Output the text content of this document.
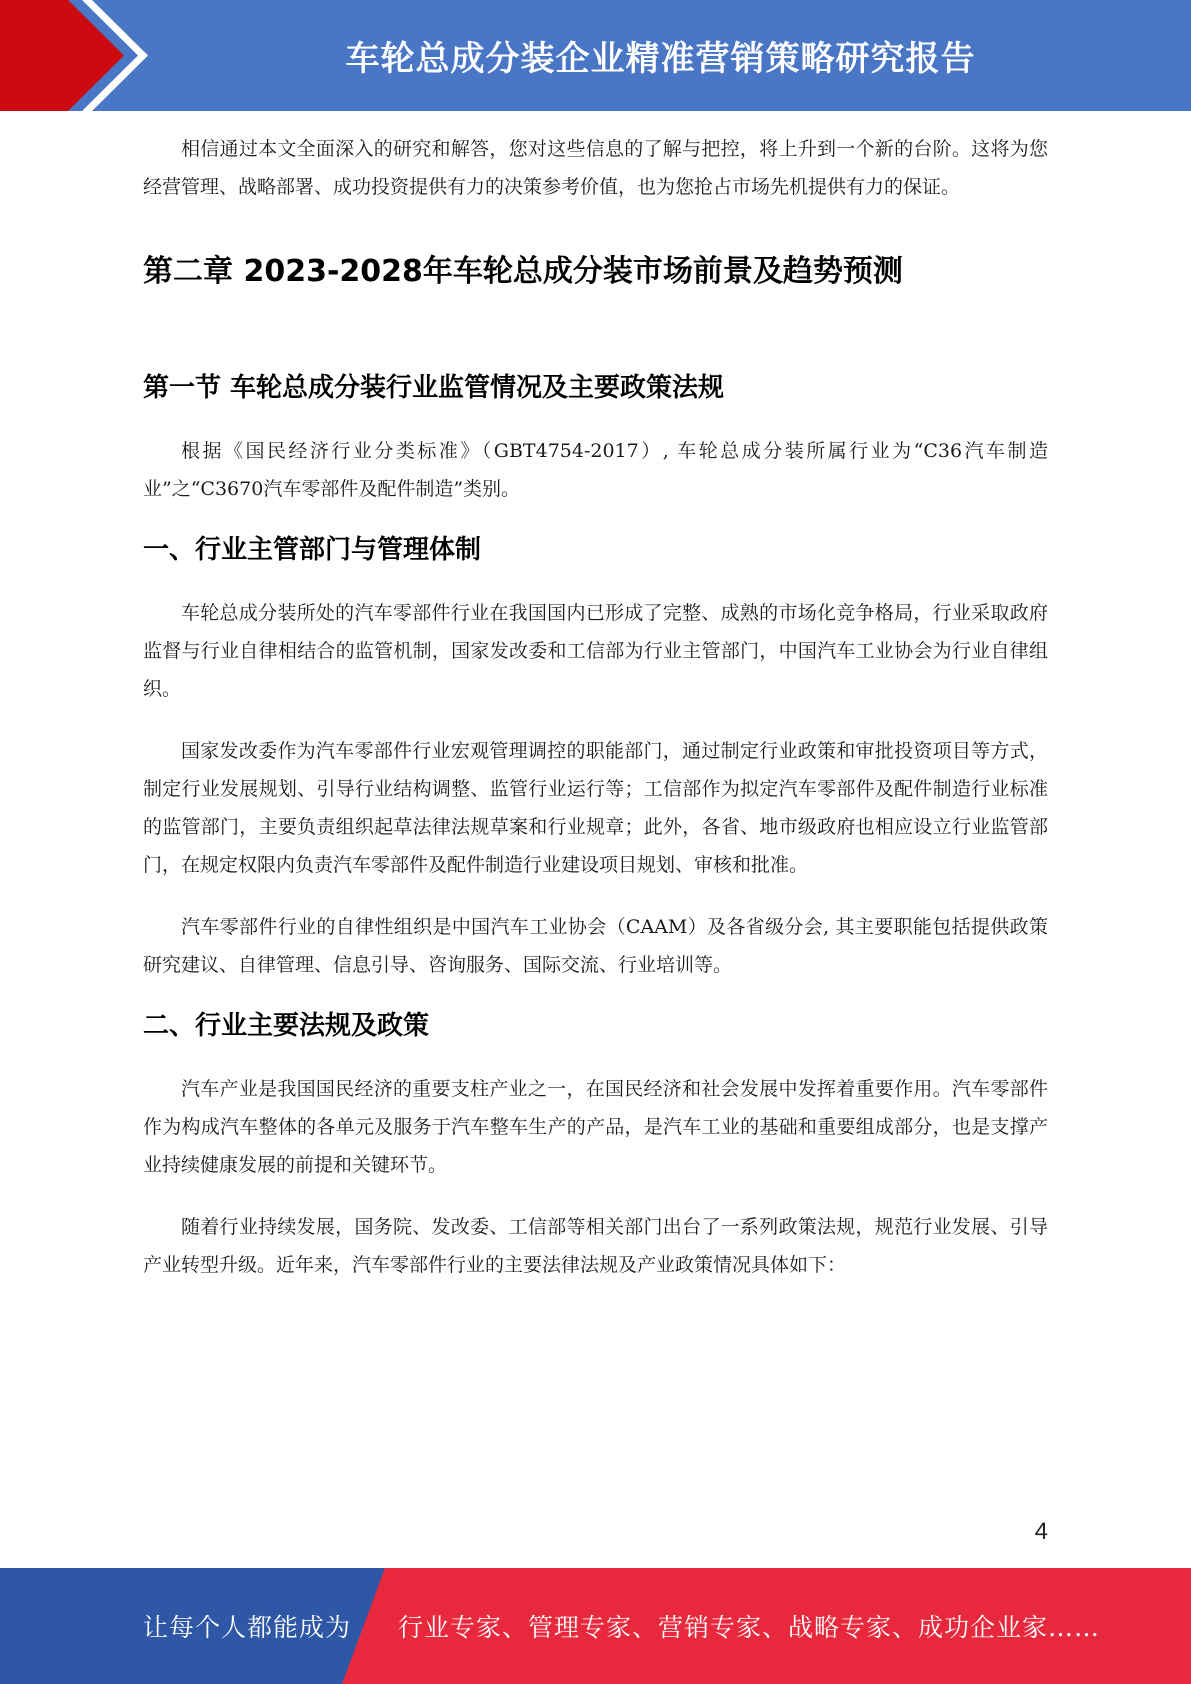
车轮总成分装企业精准营销策略研究报告

相信通过本文全面深入的研究和解答，您对这些信息的了解与把控，将上升到一个新的台阶。这将为您经营管理、战略部署、成功投资提供有力的决策参考价值，也为您抢占市场先机提供有力的保证。

第二章 2023-2028年车轮总成分装市场前景及趋势预测
第一节 车轮总成分装行业监管情况及主要政策法规

根据《国民经济行业分类标准》（GBT4754-2017）, 车轮总成分装所属行业为“C36汽车制造业”之“C3670汽车零部件及配件制造”类别。

一、行业主管部门与管理体制

车轮总成分装所处的汽车零部件行业在我国国内已形成了完整、成熟的市场化竞争格局，行业采取政府监督与行业自律相结合的监管机制，国家发改委和工信部为行业主管部门，中国汽车工业协会为行业自律组织。

国家发改委作为汽车零部件行业宏观管理调控的职能部门，通过制定行业政策和审批投资项目等方式，制定行业发展规划、引导行业结构调整、监管行业运行等；工信部作为拟定汽车零部件及配件制造行业标准的监管部门，主要负责组织起草法律法规草案和行业规章；此外，各省、地市级政府也相应设立行业监管部门，在规定权限内负责汽车零部件及配件制造行业建设项目规划、审核和批准。

汽车零部件行业的自律性组织是中国汽车工业协会（CAAM）及各省级分会, 其主要职能包括提供政策研究建议、自律管理、信息引导、咨询服务、国际交流、行业培训等。

二、行业主要法规及政策

汽车产业是我国国民经济的重要支柱产业之一，在国民经济和社会发展中发挥着重要作用。汽车零部件作为构成汽车整体的各单元及服务于汽车整车生产的产品，是汽车工业的基础和重要组成部分，也是支撑产业持续健康发展的前提和关键环节。

随着行业持续发展，国务院、发改委、工信部等相关部门出台了一系列政策法规，规范行业发展、引导产业转型升级。近年来，汽车零部件行业的主要法律法规及产业政策情况具体如下：

4
让每个人都能成为 行业专家、管理专家、营销专家、战略专家、成功企业家……
